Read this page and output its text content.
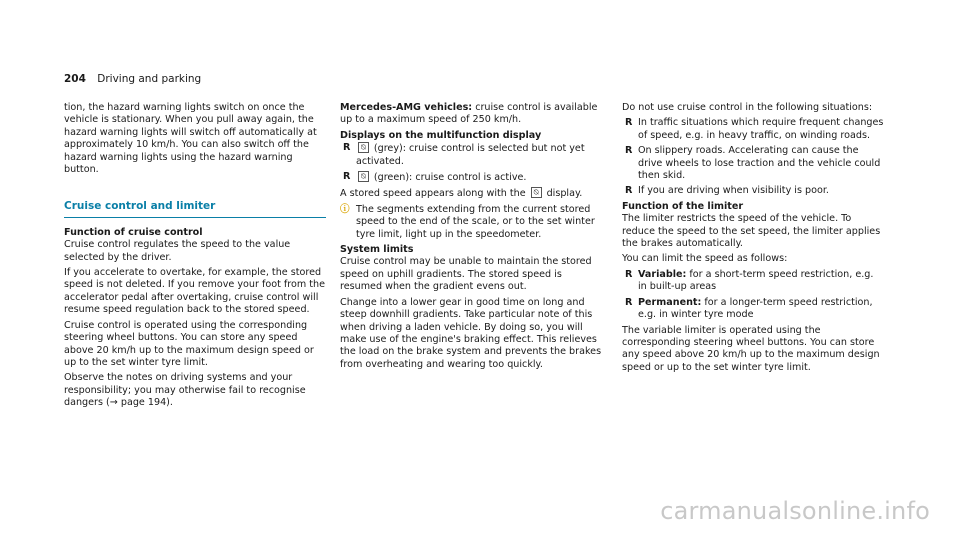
204 Driving and parking

tion, the hazard warning lights switch on once the vehicle is stationary. When you pull away again, the hazard warning lights will switch off automatically at approximately 10 km/h. You can also switch off the hazard warning lights using the hazard warning button.

Cruise control and limiter
Function of cruise control

Cruise control regulates the speed to the value selected by the driver.

If you accelerate to overtake, for example, the stored speed is not deleted. If you remove your foot from the accelerator pedal after overtaking, cruise control will resume speed regulation back to the stored speed.

Cruise control is operated using the corresponding steering wheel buttons. You can store any speed above 20 km/h up to the maximum design speed or up to the set winter tyre limit.

Observe the notes on driving systems and your responsibility; you may otherwise fail to recognise dangers (→ page 194).

Mercedes-AMG vehicles: cruise control is available up to a maximum speed of 250 km/h.

Displays on the multifunction display
R ⍉ (grey): cruise control is selected but not yet activated.
R ⍉ (green): cruise control is active.

A stored speed appears along with the ⍉ display.

ⓘ The segments extending from the current stored speed to the end of the scale, or to the set winter tyre limit, light up in the speedometer.

System limits

Cruise control may be unable to maintain the stored speed on uphill gradients. The stored speed is resumed when the gradient evens out.

Change into a lower gear in good time on long and steep downhill gradients. Take particular note of this when driving a laden vehicle. By doing so, you will make use of the engine's braking effect. This relieves the load on the brake system and prevents the brakes from overheating and wearing too quickly.

Do not use cruise control in the following situations:

R In traffic situations which require frequent changes of speed, e.g. in heavy traffic, on winding roads.
R On slippery roads. Accelerating can cause the drive wheels to lose traction and the vehicle could then skid.
R If you are driving when visibility is poor.
Function of the limiter

The limiter restricts the speed of the vehicle. To reduce the speed to the set speed, the limiter applies the brakes automatically.

You can limit the speed as follows:

R Variable: for a short-term speed restriction, e.g. in built-up areas
R Permanent: for a longer-term speed restriction, e.g. in winter tyre mode

The variable limiter is operated using the corresponding steering wheel buttons. You can store any speed above 20 km/h up to the maximum design speed or up to the set winter tyre limit.

carmanualsonline.info
